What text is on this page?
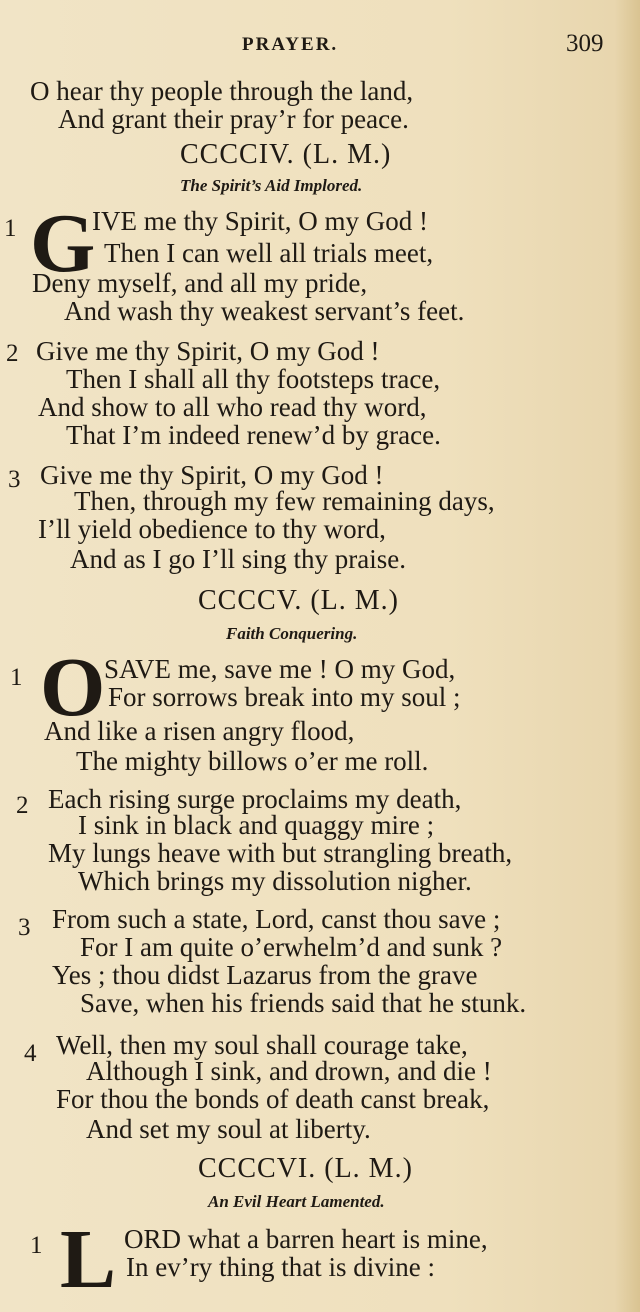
PRAYER.	309
O hear thy people through the land,
And grant their pray’r for peace.
CCCCIV. (L. M.)
The Spirit’s Aid Implored.
1 G
IVE me thy Spirit, O my God !
Then I can well all trials meet,
Deny myself, and all my pride,
And wash thy weakest servant’s feet.
2 Give me thy Spirit, O my God !
Then I shall all thy footsteps trace,
And show to all who read thy word,
That I’m indeed renew’d by grace.
3 Give me thy Spirit, O my God !
Then, through my few remaining days,
I’ll yield obedience to thy word,
And as I go I’ll sing thy praise.
CCCCV. (L. M.)
Faith Conquering.
1 O
SAVE me, save me ! O my God,
For sorrows break into my soul ;
And like a risen angry flood,
The mighty billows o’er me roll.
2 Each rising surge proclaims my death,
I sink in black and quaggy mire ;
My lungs heave with but strangling breath,
Which brings my dissolution nigher.
3 From such a state, Lord, canst thou save ;
For I am quite o’erwhelm’d and sunk ?
Yes ; thou didst Lazarus from the grave
Save, when his friends said that he stunk.
4 Well, then my soul shall courage take,
Although I sink, and drown, and die !
For thou the bonds of death canst break,
And set my soul at liberty.
CCCCVI. (L. M.)
An Evil Heart Lamented.
1 L ORD what a barren heart is mine,
In ev’ry thing that is divine :
